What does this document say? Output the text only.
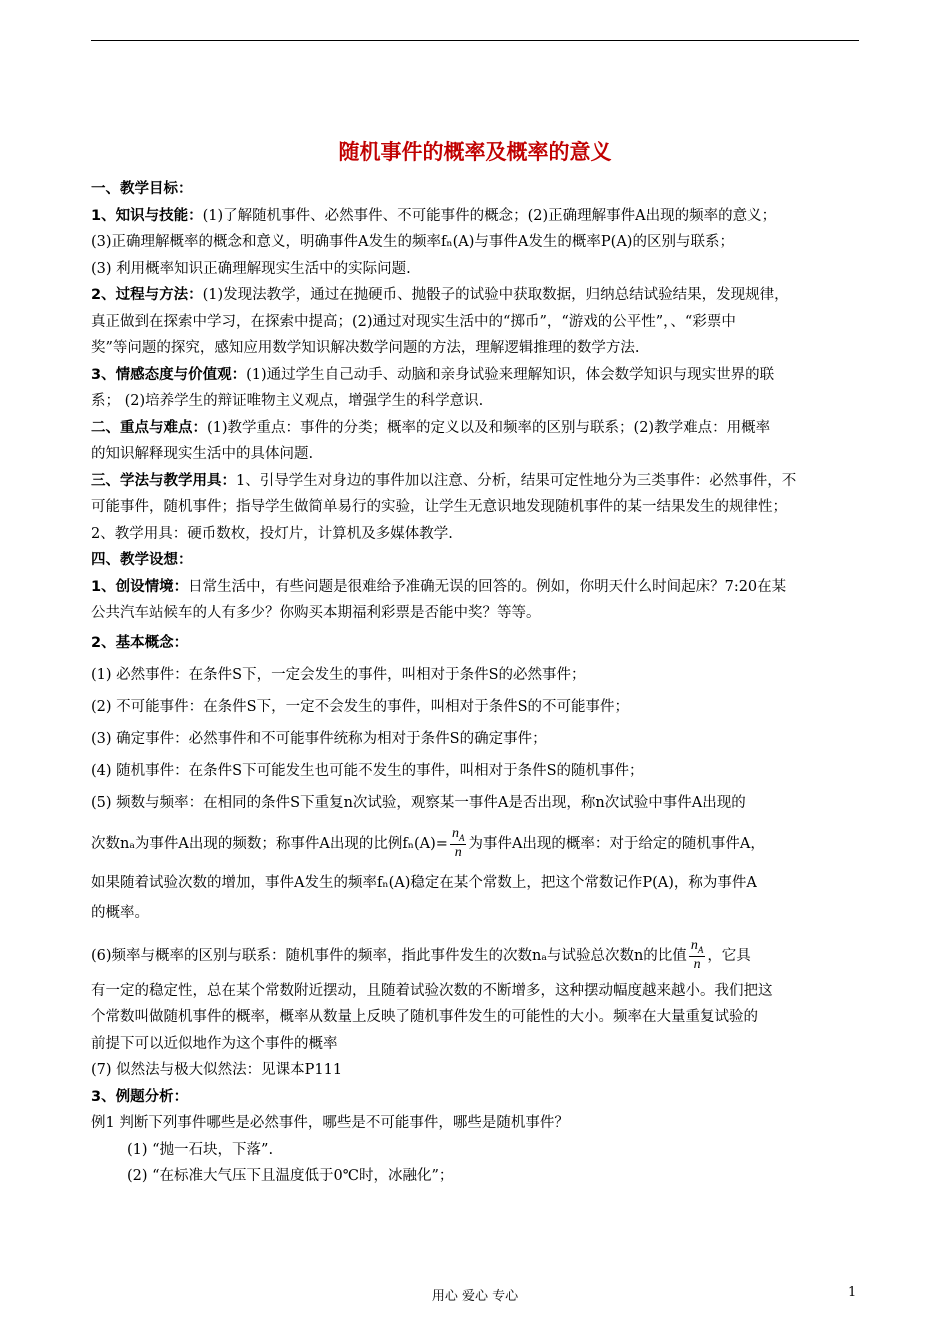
随机事件的概率及概率的意义
一、教学目标：
1、知识与技能：(1)了解随机事件、必然事件、不可能事件的概念；(2)正确理解事件A出现的频率的意义；
(3)正确理解概率的概念和意义，明确事件A发生的频率fₙ(A)与事件A发生的概率P(A)的区别与联系；
(3) 利用概率知识正确理解现实生活中的实际问题.
2、过程与方法：(1)发现法教学，通过在抛硬币、抛骰子的试验中获取数据，归纳总结试验结果，发现规律，
真正做到在探索中学习，在探索中提高；(2)通过对现实生活中的“掷币”，“游戏的公平性”，、“彩票中
奖”等问题的探究，感知应用数学知识解决数学问题的方法，理解逻辑推理的数学方法.
3、情感态度与价值观：(1)通过学生自己动手、动脑和亲身试验来理解知识，体会数学知识与现实世界的联
系； (2)培养学生的辩证唯物主义观点，增强学生的科学意识.
二、重点与难点：(1)教学重点：事件的分类；概率的定义以及和频率的区别与联系；(2)教学难点：用概率
的知识解释现实生活中的具体问题.
三、学法与教学用具：1、引导学生对身边的事件加以注意、分析，结果可定性地分为三类事件：必然事件，不
可能事件，随机事件；指导学生做简单易行的实验，让学生无意识地发现随机事件的某一结果发生的规律性；
2、教学用具：硬币数枚，投灯片，计算机及多媒体教学.
四、教学设想：
1、创设情境：日常生活中，有些问题是很难给予准确无误的回答的。例如，你明天什么时间起床？7:20在某
公共汽车站候车的人有多少？你购买本期福利彩票是否能中奖？等等。
2、基本概念：
(1) 必然事件：在条件S下，一定会发生的事件，叫相对于条件S的必然事件；
(2) 不可能事件：在条件S下，一定不会发生的事件，叫相对于条件S的不可能事件；
(3) 确定事件：必然事件和不可能事件统称为相对于条件S的确定事件；
(4) 随机事件：在条件S下可能发生也可能不发生的事件，叫相对于条件S的随机事件；
(5) 频数与频率：在相同的条件S下重复n次试验，观察某一事件A是否出现，称n次试验中事件A出现的
次数nₐ为事件A出现的频数；称事件A出现的比例$f_n(A)= \frac{n_A}{n}$ 为事件A出现的概率：对于给定的随机事件A，
如果随着试验次数的增加，事件A发生的频率fₙ(A)稳定在某个常数上，把这个常数记作P(A)，称为事件A
的概率。
(6)频率与概率的区别与联系：随机事件的频率，指此事件发生的次数nₐ与试验总次数n的比值 $\frac{n_A}{n}$ ，它具
有一定的稳定性，总在某个常数附近摆动，且随着试验次数的不断增多，这种摆动幅度越来越小。我们把这
个常数叫做随机事件的概率，概率从数量上反映了随机事件发生的可能性的大小。频率在大量重复试验的
前提下可以近似地作为这个事件的概率
(7) 似然法与极大似然法：见课本P111
3、例题分析：
例1 判断下列事件哪些是必然事件，哪些是不可能事件，哪些是随机事件？
(1) “抛一石块，下落”.
(2) “在标准大气压下且温度低于0℃时，冰融化”；
用心 爱心 专心	1
